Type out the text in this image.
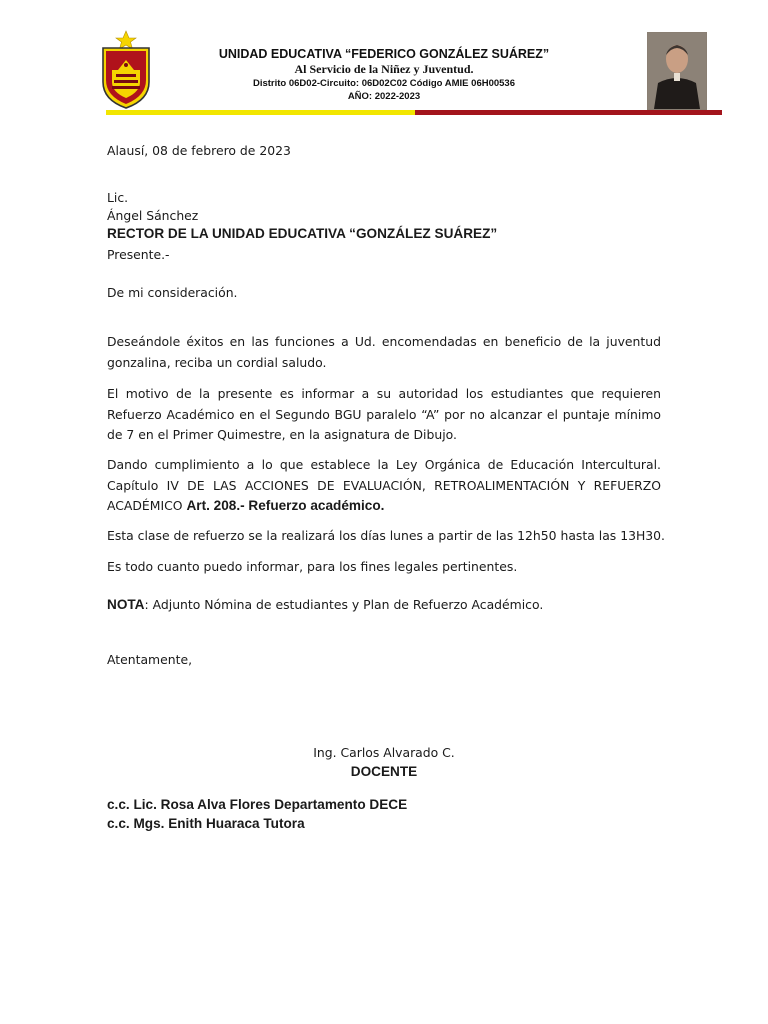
UNIDAD EDUCATIVA “FEDERICO GONZÁLEZ SUÁREZ”
Al Servicio de la Niñez y Juventud.
Distrito 06D02-Circuito: 06D02C02 Código AMIE 06H00536
AÑO: 2022-2023
Alausí, 08 de febrero de 2023
Lic.
Ángel Sánchez
RECTOR DE LA UNIDAD EDUCATIVA “GONZÁLEZ SUÁREZ”
Presente.-
De mi consideración.
Deseándole éxitos en las funciones a Ud. encomendadas en beneficio de la juventud gonzalina, reciba un cordial saludo.
El motivo de la presente es informar a su autoridad los estudiantes que requieren Refuerzo Académico en el Segundo BGU paralelo “A” por no alcanzar el puntaje mínimo de 7 en el Primer Quimestre, en la asignatura de Dibujo.
Dando cumplimiento a lo que establece la Ley Orgánica de Educación Intercultural. Capítulo IV DE LAS ACCIONES DE EVALUACIÓN, RETROALIMENTACIÓN Y REFUERZO ACADÉMICO Art. 208.- Refuerzo académico.
Esta clase de refuerzo se la realizará los días lunes a partir de las 12h50 hasta las 13H30.
Es todo cuanto puedo informar, para los fines legales pertinentes.
NOTA: Adjunto Nómina de estudiantes y Plan de Refuerzo Académico.
Atentamente,
Ing. Carlos Alvarado C.
DOCENTE
c.c. Lic. Rosa Alva Flores Departamento DECE
c.c. Mgs. Enith Huaraca Tutora
